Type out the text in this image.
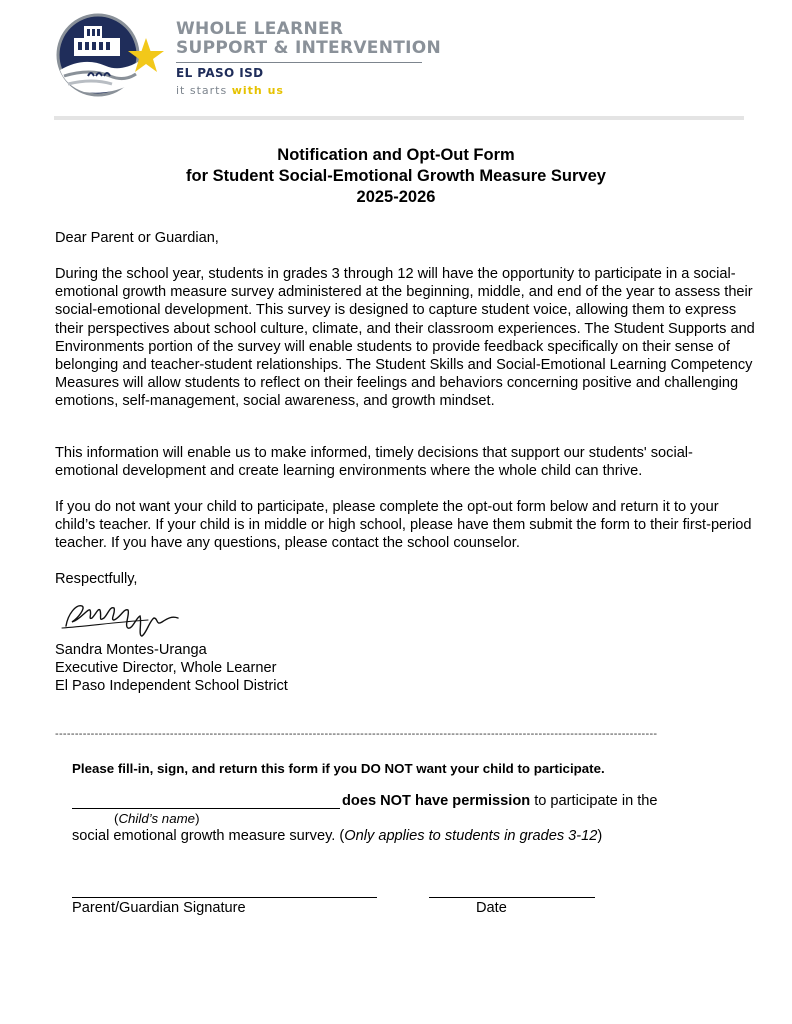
WHOLE LEARNER
SUPPORT & INTERVENTION
EL PASO ISD
it starts with us
Notification and Opt-Out Form
for Student Social-Emotional Growth Measure Survey
2025-2026

Dear Parent or Guardian,

During the school year, students in grades 3 through 12 will have the opportunity to participate in a social-emotional growth measure survey administered at the beginning, middle, and end of the year to assess their social-emotional development. This survey is designed to capture student voice, allowing them to express their perspectives about school culture, climate, and their classroom experiences. The Student Supports and Environments portion of the survey will enable students to provide feedback specifically on their sense of belonging and teacher-student relationships. The Student Skills and Social-Emotional Learning Competency Measures will allow students to reflect on their feelings and behaviors concerning positive and challenging emotions, self-management, social awareness, and growth mindset.

This information will enable us to make informed, timely decisions that support our students' social-emotional development and create learning environments where the whole child can thrive.

If you do not want your child to participate, please complete the opt-out form below and return it to your child’s teacher. If your child is in middle or high school, please have them submit the form to their first-period teacher. If you have any questions, please contact the school counselor.

Respectfully,

Sandra Montes-Uranga

Executive Director, Whole Learner

El Paso Independent School District

--------------------------------------------------------------------------------------------------------------------------------------------------------
Please fill-in, sign, and return this form if you DO NOT want your child to participate.
does NOT have permission to participate in the
(Child’s name)
social emotional growth measure survey. (Only applies to students in grades 3-12)
Parent/Guardian Signature	Date
